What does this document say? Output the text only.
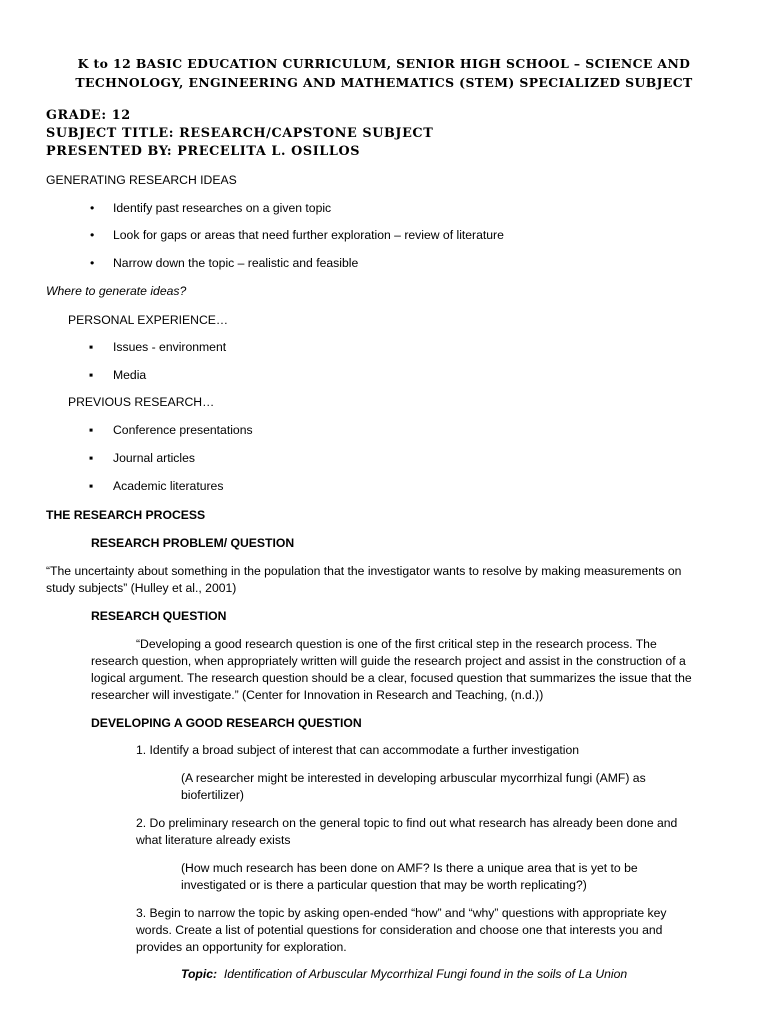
K to 12 BASIC EDUCATION CURRICULUM, SENIOR HIGH SCHOOL – SCIENCE AND
TECHNOLOGY, ENGINEERING AND MATHEMATICS (STEM) SPECIALIZED SUBJECT
GRADE: 12
SUBJECT TITLE: RESEARCH/CAPSTONE SUBJECT
PRESENTED BY: PRECELITA L. OSILLOS
GENERATING RESEARCH IDEAS
• Identify past researches on a given topic
• Look for gaps or areas that need further exploration – review of literature
• Narrow down the topic – realistic and feasible
Where to generate ideas?
PERSONAL EXPERIENCE…
▪ Issues - environment
▪ Media
PREVIOUS RESEARCH…
▪ Conference presentations
▪ Journal articles
▪ Academic literatures
THE RESEARCH PROCESS
RESEARCH PROBLEM/ QUESTION
“The uncertainty about something in the population that the investigator wants to resolve by making measurements on
study subjects” (Hulley et al., 2001)
RESEARCH QUESTION
“Developing a good research question is one of the first critical step in the research process. The
research question, when appropriately written will guide the research project and assist in the construction of a
logical argument. The research question should be a clear, focused question that summarizes the issue that the
researcher will investigate.” (Center for Innovation in Research and Teaching, (n.d.))
DEVELOPING A GOOD RESEARCH QUESTION
1. Identify a broad subject of interest that can accommodate a further investigation
(A researcher might be interested in developing arbuscular mycorrhizal fungi (AMF) as
biofertilizer)
2. Do preliminary research on the general topic to find out what research has already been done and
what literature already exists
(How much research has been done on AMF? Is there a unique area that is yet to be
investigated or is there a particular question that may be worth replicating?)
3. Begin to narrow the topic by asking open-ended “how” and “why” questions with appropriate key
words. Create a list of potential questions for consideration and choose one that interests you and
provides an opportunity for exploration.
Topic: Identification of Arbuscular Mycorrhizal Fungi found in the soils of La Union
